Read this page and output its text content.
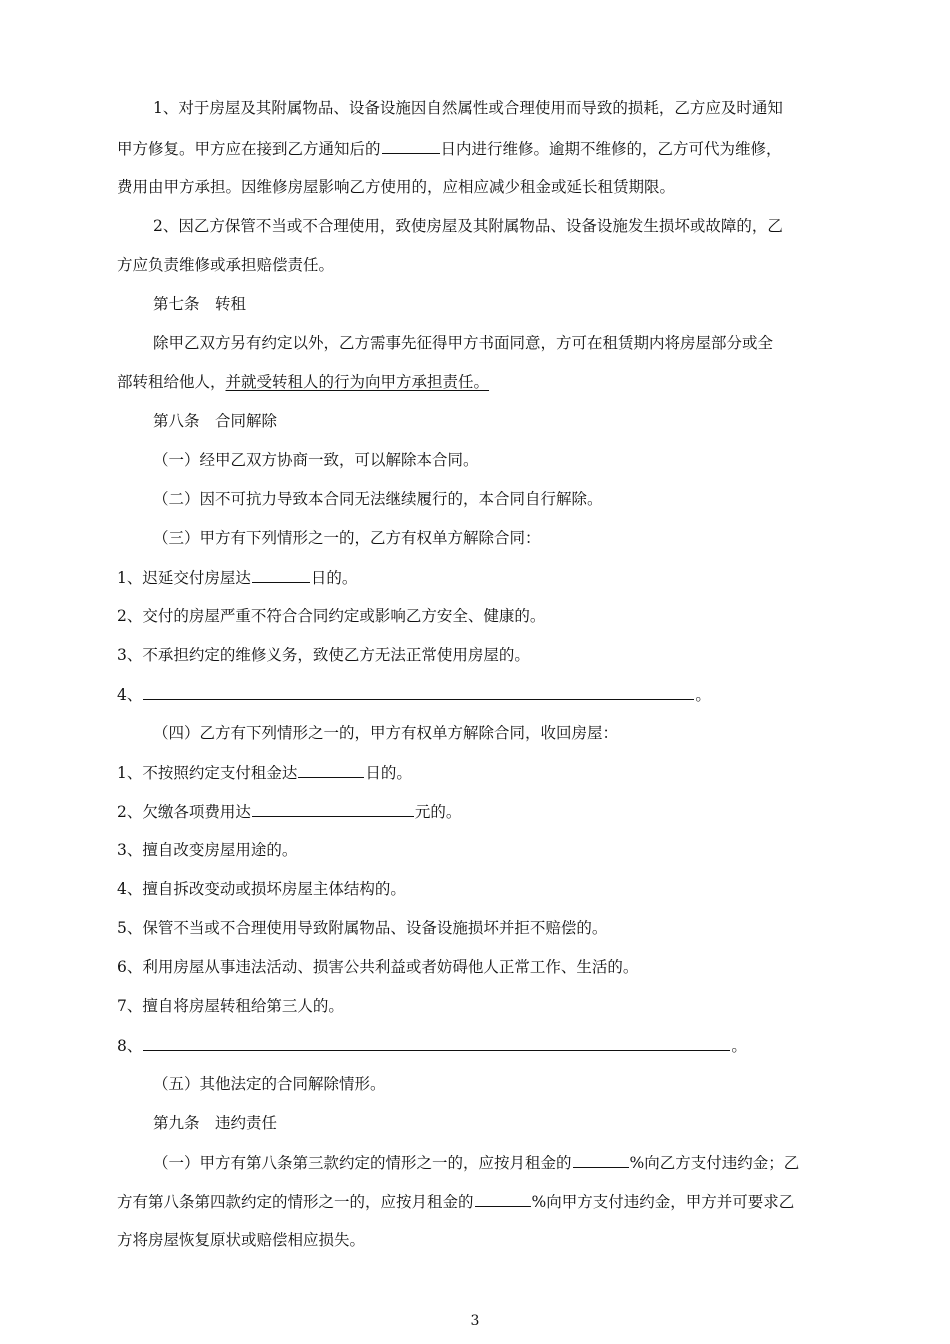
1、对于房屋及其附属物品、设备设施因自然属性或合理使用而导致的损耗，乙方应及时通知
甲方修复。甲方应在接到乙方通知后的	日内进行维修。逾期不维修的，乙方可代为维修，
费用由甲方承担。因维修房屋影响乙方使用的，应相应减少租金或延长租赁期限。
2、因乙方保管不当或不合理使用，致使房屋及其附属物品、设备设施发生损坏或故障的，乙
方应负责维修或承担赔偿责任。
第七条　转租
除甲乙双方另有约定以外，乙方需事先征得甲方书面同意，方可在租赁期内将房屋部分或全
部转租给他人，并就受转租人的行为向甲方承担责任。
第八条　合同解除
（一）经甲乙双方协商一致，可以解除本合同。
（二）因不可抗力导致本合同无法继续履行的，本合同自行解除。
（三）甲方有下列情形之一的，乙方有权单方解除合同：
1、迟延交付房屋达	日的。
2、交付的房屋严重不符合合同约定或影响乙方安全、健康的。
3、不承担约定的维修义务，致使乙方无法正常使用房屋的。
4、	。
（四）乙方有下列情形之一的，甲方有权单方解除合同，收回房屋：
1、不按照约定支付租金达	日的。
2、欠缴各项费用达	元的。
3、擅自改变房屋用途的。
4、擅自拆改变动或损坏房屋主体结构的。
5、保管不当或不合理使用导致附属物品、设备设施损坏并拒不赔偿的。
6、利用房屋从事违法活动、损害公共利益或者妨碍他人正常工作、生活的。
7、擅自将房屋转租给第三人的。
8、	。
（五）其他法定的合同解除情形。
第九条　违约责任
（一）甲方有第八条第三款约定的情形之一的，应按月租金的	%向乙方支付违约金；乙
方有第八条第四款约定的情形之一的，应按月租金的	%向甲方支付违约金，甲方并可要求乙
方将房屋恢复原状或赔偿相应损失。
3
